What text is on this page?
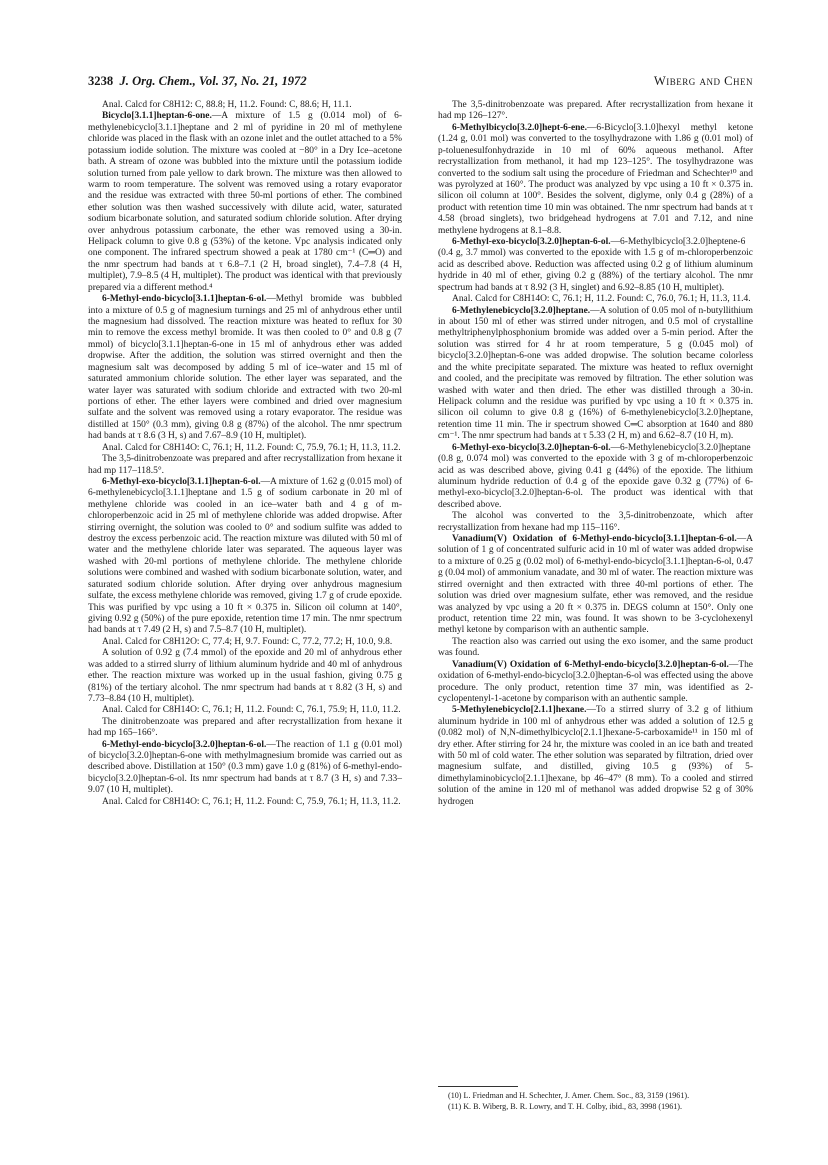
3238 J. Org. Chem., Vol. 37, No. 21, 1972	Wiberg and Chen

Anal. Calcd for C8H12: C, 88.8; H, 11.2. Found: C, 88.6; H, 11.1.

Bicyclo[3.1.1]heptan-6-one.—A mixture of 1.5 g (0.014 mol) of 6-methylenebicyclo[3.1.1]heptane and 2 ml of pyridine in 20 ml of methylene chloride was placed in the flask with an ozone inlet and the outlet attached to a 5% potassium iodide solution. The mixture was cooled at −80° in a Dry Ice–acetone bath. A stream of ozone was bubbled into the mixture until the potassium iodide solution turned from pale yellow to dark brown. The mixture was then allowed to warm to room temperature. The solvent was removed using a rotary evaporator and the residue was extracted with three 50-ml portions of ether. The combined ether solution was then washed successively with dilute acid, water, saturated sodium bicarbonate solution, and saturated sodium chloride solution. After drying over anhydrous potassium carbonate, the ether was removed using a 30-in. Helipack column to give 0.8 g (53%) of the ketone. Vpc analysis indicated only one component. The infrared spectrum showed a peak at 1780 cm⁻¹ (C═O) and the nmr spectrum had bands at τ 6.8–7.1 (2 H, broad singlet), 7.4–7.8 (4 H, multiplet), 7.9–8.5 (4 H, multiplet). The product was identical with that previously prepared via a different method.⁴

6-Methyl-endo-bicyclo[3.1.1]heptan-6-ol.—Methyl bromide was bubbled into a mixture of 0.5 g of magnesium turnings and 25 ml of anhydrous ether until the magnesium had dissolved. The reaction mixture was heated to reflux for 30 min to remove the excess methyl bromide. It was then cooled to 0° and 0.8 g (7 mmol) of bicyclo[3.1.1]heptan-6-one in 15 ml of anhydrous ether was added dropwise. After the addition, the solution was stirred overnight and then the magnesium salt was decomposed by adding 5 ml of ice–water and 15 ml of saturated ammonium chloride solution. The ether layer was separated, and the water layer was saturated with sodium chloride and extracted with two 20-ml portions of ether. The ether layers were combined and dried over magnesium sulfate and the solvent was removed using a rotary evaporator. The residue was distilled at 150° (0.3 mm), giving 0.8 g (87%) of the alcohol. The nmr spectrum had bands at τ 8.6 (3 H, s) and 7.67–8.9 (10 H, multiplet).

Anal. Calcd for C8H14O: C, 76.1; H, 11.2. Found: C, 75.9, 76.1; H, 11.3, 11.2.

The 3,5-dinitrobenzoate was prepared and after recrystallization from hexane it had mp 117–118.5°.

6-Methyl-exo-bicyclo[3.1.1]heptan-6-ol.—A mixture of 1.62 g (0.015 mol) of 6-methylenebicyclo[3.1.1]heptane and 1.5 g of sodium carbonate in 20 ml of methylene chloride was cooled in an ice–water bath and 4 g of m-chloroperbenzoic acid in 25 ml of methylene chloride was added dropwise. After stirring overnight, the solution was cooled to 0° and sodium sulfite was added to destroy the excess perbenzoic acid. The reaction mixture was diluted with 50 ml of water and the methylene chloride later was separated. The aqueous layer was washed with 20-ml portions of methylene chloride. The methylene chloride solutions were combined and washed with sodium bicarbonate solution, water, and saturated sodium chloride solution. After drying over anhydrous magnesium sulfate, the excess methylene chloride was removed, giving 1.7 g of crude epoxide. This was purified by vpc using a 10 ft × 0.375 in. Silicon oil column at 140°, giving 0.92 g (50%) of the pure epoxide, retention time 17 min. The nmr spectrum had bands at τ 7.49 (2 H, s) and 7.5–8.7 (10 H, multiplet).

Anal. Calcd for C8H12O: C, 77.4; H, 9.7. Found: C, 77.2, 77.2; H, 10.0, 9.8.

A solution of 0.92 g (7.4 mmol) of the epoxide and 20 ml of anhydrous ether was added to a stirred slurry of lithium aluminum hydride and 40 ml of anhydrous ether. The reaction mixture was worked up in the usual fashion, giving 0.75 g (81%) of the tertiary alcohol. The nmr spectrum had bands at τ 8.82 (3 H, s) and 7.73–8.84 (10 H, multiplet).

Anal. Calcd for C8H14O: C, 76.1; H, 11.2. Found: C, 76.1, 75.9; H, 11.0, 11.2.

The dinitrobenzoate was prepared and after recrystallization from hexane it had mp 165–166°.

6-Methyl-endo-bicyclo[3.2.0]heptan-6-ol.—The reaction of 1.1 g (0.01 mol) of bicyclo[3.2.0]heptan-6-one with methylmagnesium bromide was carried out as described above. Distillation at 150° (0.3 mm) gave 1.0 g (81%) of 6-methyl-endo-bicyclo[3.2.0]heptan-6-ol. Its nmr spectrum had bands at τ 8.7 (3 H, s) and 7.33–9.07 (10 H, multiplet).

Anal. Calcd for C8H14O: C, 76.1; H, 11.2. Found: C, 75.9, 76.1; H, 11.3, 11.2.

The 3,5-dinitrobenzoate was prepared. After recrystallization from hexane it had mp 126–127°.

6-Methylbicyclo[3.2.0]hept-6-ene.—6-Bicyclo[3.1.0]hexyl methyl ketone (1.24 g, 0.01 mol) was converted to the tosylhydrazone with 1.86 g (0.01 mol) of p-toluenesulfonhydrazide in 10 ml of 60% aqueous methanol. After recrystallization from methanol, it had mp 123–125°. The tosylhydrazone was converted to the sodium salt using the procedure of Friedman and Schechter¹⁰ and was pyrolyzed at 160°. The product was analyzed by vpc using a 10 ft × 0.375 in. silicon oil column at 100°. Besides the solvent, diglyme, only 0.4 g (28%) of a product with retention time 10 min was obtained. The nmr spectrum had bands at τ 4.58 (broad singlets), two bridgehead hydrogens at 7.01 and 7.12, and nine methylene hydrogens at 8.1–8.8.

6-Methyl-exo-bicyclo[3.2.0]heptan-6-ol.—6-Methylbicyclo[3.2.0]heptene-6 (0.4 g, 3.7 mmol) was converted to the epoxide with 1.5 g of m-chloroperbenzoic acid as described above. Reduction was affected using 0.2 g of lithium aluminum hydride in 40 ml of ether, giving 0.2 g (88%) of the tertiary alcohol. The nmr spectrum had bands at τ 8.92 (3 H, singlet) and 6.92–8.85 (10 H, multiplet).

Anal. Calcd for C8H14O: C, 76.1; H, 11.2. Found: C, 76.0, 76.1; H, 11.3, 11.4.

6-Methylenebicyclo[3.2.0]heptane.—A solution of 0.05 mol of n-butyllithium in about 150 ml of ether was stirred under nitrogen, and 0.5 mol of crystalline methyltriphenylphosphonium bromide was added over a 5-min period. After the solution was stirred for 4 hr at room temperature, 5 g (0.045 mol) of bicyclo[3.2.0]heptan-6-one was added dropwise. The solution became colorless and the white precipitate separated. The mixture was heated to reflux overnight and cooled, and the precipitate was removed by filtration. The ether solution was washed with water and then dried. The ether was distilled through a 30-in. Helipack column and the residue was purified by vpc using a 10 ft × 0.375 in. silicon oil column to give 0.8 g (16%) of 6-methylenebicyclo[3.2.0]heptane, retention time 11 min. The ir spectrum showed C═C absorption at 1640 and 880 cm⁻¹. The nmr spectrum had bands at τ 5.33 (2 H, m) and 6.62–8.7 (10 H, m).

6-Methyl-exo-bicyclo[3.2.0]heptan-6-ol.—6-Methylenebicyclo[3.2.0]heptane (0.8 g, 0.074 mol) was converted to the epoxide with 3 g of m-chloroperbenzoic acid as was described above, giving 0.41 g (44%) of the epoxide. The lithium aluminum hydride reduction of 0.4 g of the epoxide gave 0.32 g (77%) of 6-methyl-exo-bicyclo[3.2.0]heptan-6-ol. The product was identical with that described above.

The alcohol was converted to the 3,5-dinitrobenzoate, which after recrystallization from hexane had mp 115–116°.

Vanadium(V) Oxidation of 6-Methyl-endo-bicyclo[3.1.1]heptan-6-ol.—A solution of 1 g of concentrated sulfuric acid in 10 ml of water was added dropwise to a mixture of 0.25 g (0.02 mol) of 6-methyl-endo-bicyclo[3.1.1]heptan-6-ol, 0.47 g (0.04 mol) of ammonium vanadate, and 30 ml of water. The reaction mixture was stirred overnight and then extracted with three 40-ml portions of ether. The solution was dried over magnesium sulfate, ether was removed, and the residue was analyzed by vpc using a 20 ft × 0.375 in. DEGS column at 150°. Only one product, retention time 22 min, was found. It was shown to be 3-cyclohexenyl methyl ketone by comparison with an authentic sample.

The reaction also was carried out using the exo isomer, and the same product was found.

Vanadium(V) Oxidation of 6-Methyl-endo-bicyclo[3.2.0]heptan-6-ol.—The oxidation of 6-methyl-endo-bicyclo[3.2.0]heptan-6-ol was effected using the above procedure. The only product, retention time 37 min, was identified as 2-cyclopentenyl-1-acetone by comparison with an authentic sample.

5-Methylenebicyclo[2.1.1]hexane.—To a stirred slurry of 3.2 g of lithium aluminum hydride in 100 ml of anhydrous ether was added a solution of 12.5 g (0.082 mol) of N,N-dimethylbicyclo[2.1.1]hexane-5-carboxamide¹¹ in 150 ml of dry ether. After stirring for 24 hr, the mixture was cooled in an ice bath and treated with 50 ml of cold water. The ether solution was separated by filtration, dried over magnesium sulfate, and distilled, giving 10.5 g (93%) of 5-dimethylaminobicyclo[2.1.1]hexane, bp 46–47° (8 mm). To a cooled and stirred solution of the amine in 120 ml of methanol was added dropwise 52 g of 30% hydrogen

(10) L. Friedman and H. Schechter, J. Amer. Chem. Soc., 83, 3159 (1961).

(11) K. B. Wiberg, B. R. Lowry, and T. H. Colby, ibid., 83, 3998 (1961).
